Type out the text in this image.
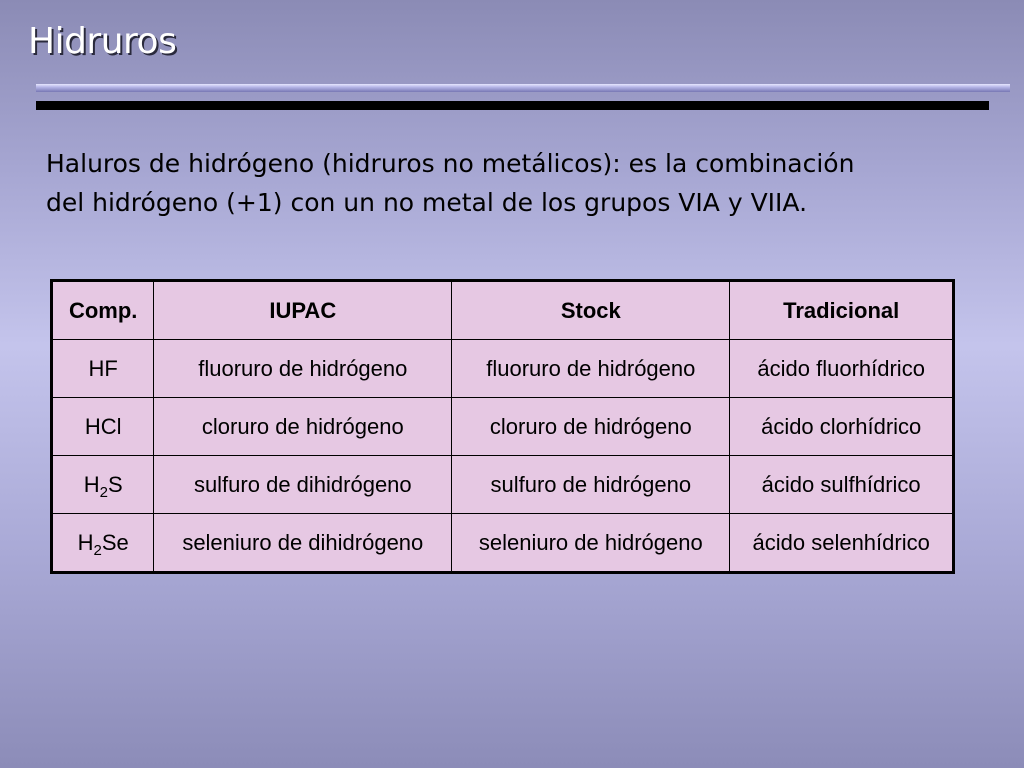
Hidruros

Haluros de hidrógeno (hidruros no metálicos): es la combinación
del hidrógeno (+1) con un no metal de los grupos VIA y VIIA.

Comp.	IUPAC	Stock	Tradicional
HF	fluoruro de hidrógeno	fluoruro de hidrógeno	ácido fluorhídrico
HCl	cloruro de hidrógeno	cloruro de hidrógeno	ácido clorhídrico
$H_2S$	sulfuro de dihidrógeno	sulfuro de hidrógeno	ácido sulfhídrico
$H_2Se$	seleniuro de dihidrógeno	seleniuro de hidrógeno	ácido selenhídrico
